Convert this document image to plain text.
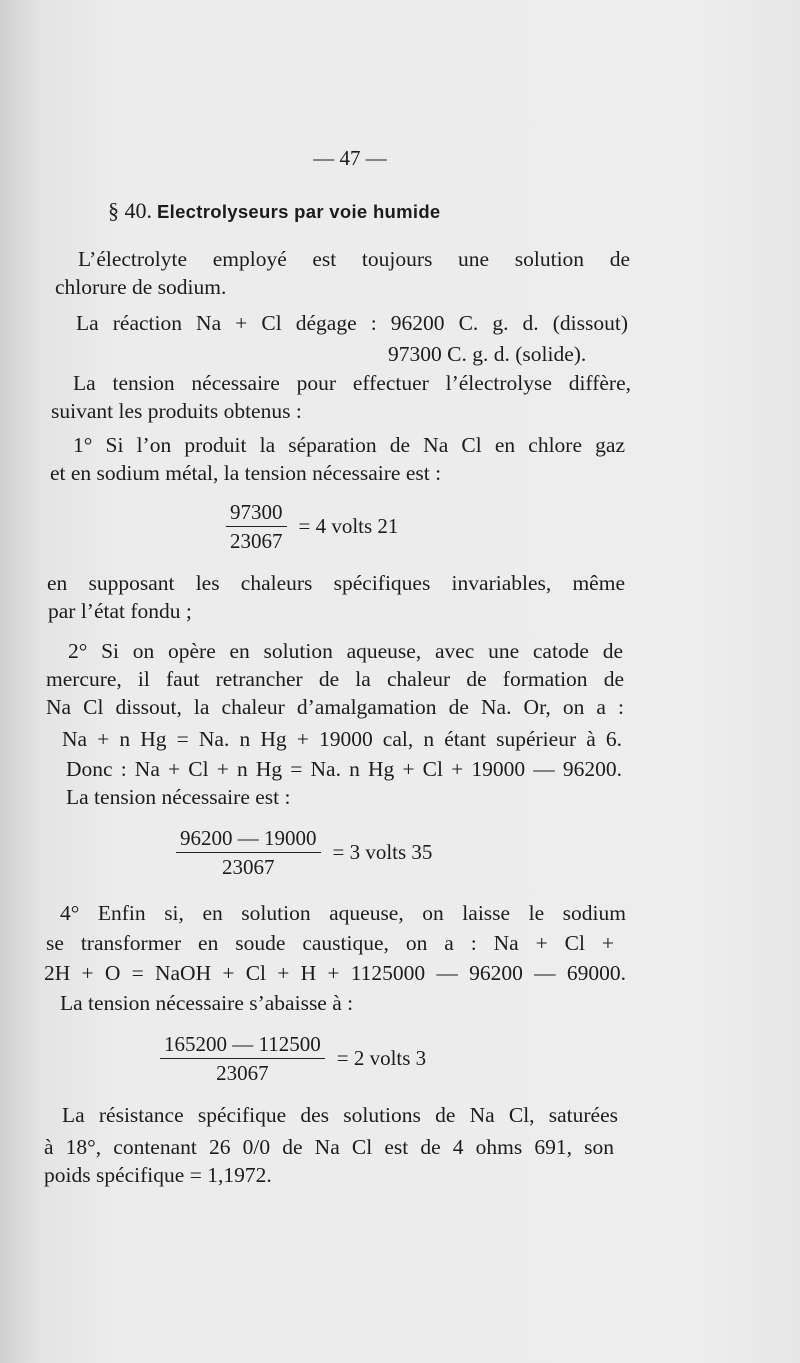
— 47 —
§ 40. Electrolyseurs par voie humide
L’électrolyte employé est toujours une solution de
chlorure de sodium.
La réaction Na + Cl dégage : 96200 C. g. d. (dissout)
97300 C. g. d. (solide).
La tension nécessaire pour effectuer l’électrolyse diffère,
suivant les produits obtenus :
1° Si l’on produit la séparation de Na Cl en chlore gaz
et en sodium métal, la tension nécessaire est :
$\frac{97300}{23067} = 4$ volts 21
en supposant les chaleurs spécifiques invariables, même
par l’état fondu ;
2° Si on opère en solution aqueuse, avec une catode de
mercure, il faut retrancher de la chaleur de formation de
Na Cl dissout, la chaleur d’amalgamation de Na. Or, on a :
Na + n Hg = Na. n Hg + 19000 cal, n étant supérieur à 6.
Donc : Na + Cl + n Hg = Na. n Hg + Cl + 19000 — 96200.
La tension nécessaire est :
$\frac{96200 — 19000}{23067} = 3$ volts 35
4° Enfin si, en solution aqueuse, on laisse le sodium
se transformer en soude caustique, on a : Na + Cl +
2H + O = NaOH + Cl + H + 1125000 — 96200 — 69000.
La tension nécessaire s’abaisse à :
$\frac{165200 — 112500}{23067} = 2$ volts 3
La résistance spécifique des solutions de Na Cl, saturées
à 18°, contenant 26 0/0 de Na Cl est de 4 ohms 691, son
poids spécifique = 1,1972.
